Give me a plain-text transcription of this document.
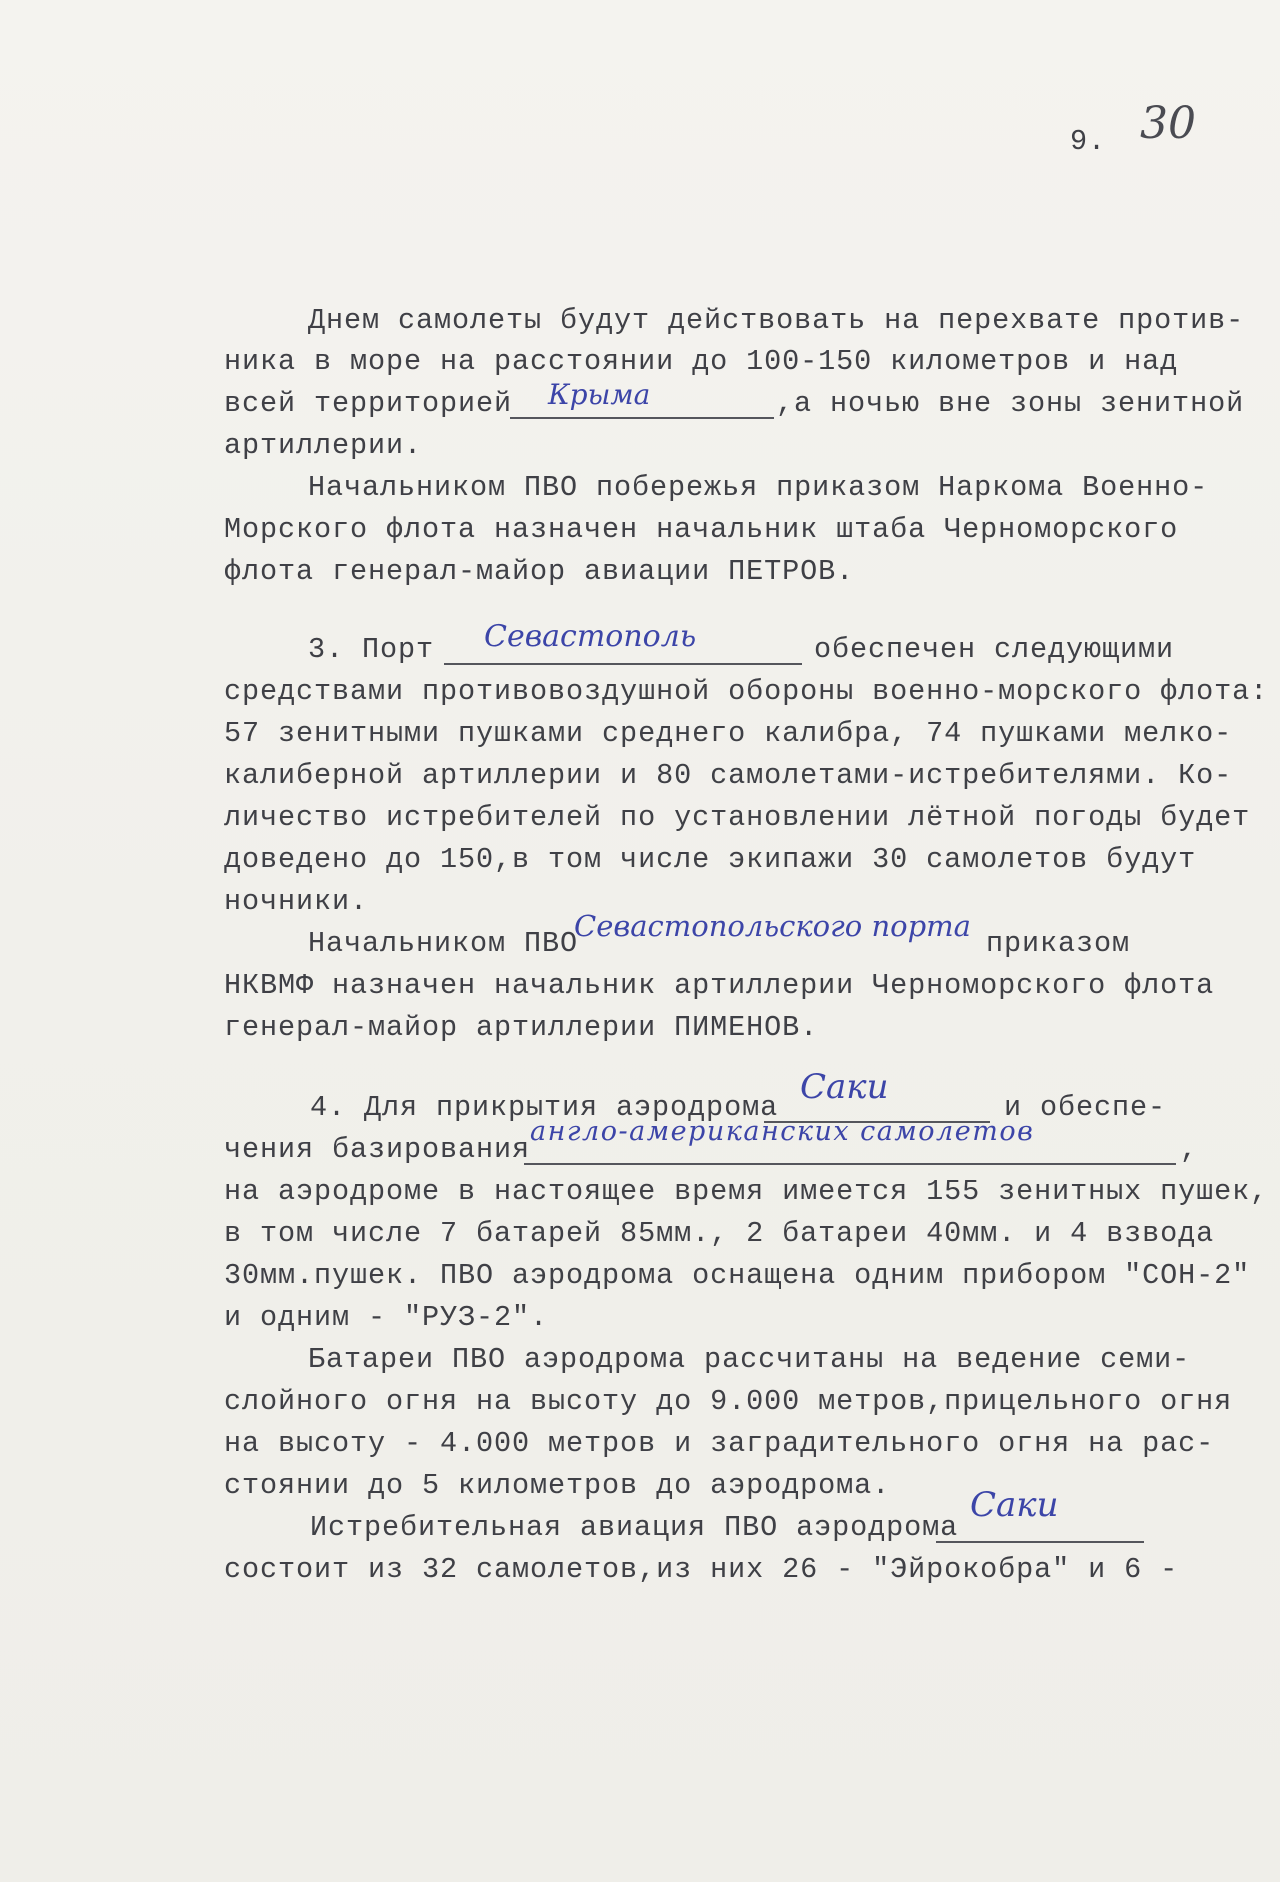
9. 30
Днем самолеты будут действовать на перехвате против-
ника в море на расстоянии до 100-150 километров и над
всей территорией Крыма	,а ночью вне зоны зенитной
артиллерии.
Начальником ПВО побережья приказом Наркома Военно-
Морского флота назначен начальник штаба Черноморского
флота генерал-майор авиации ПЕТРОВ.
3. Порт Севастополь	обеспечен следующими
средствами противовоздушной обороны военно-морского флота:
57 зенитными пушками среднего калибра, 74 пушками мелко-
калиберной артиллерии и 80 самолетами-истребителями. Ко-
личество истребителей по установлении лётной погоды будет
доведено до 150,в том числе экипажи 30 самолетов будут
ночники.
Начальником ПВО
Севастопольского порта
приказом
НКВМФ назначен начальник артиллерии Черноморского флота
генерал-майор артиллерии ПИМЕНОВ.
4. Для прикрытия аэродрома
Саки
и обеспе-
чения базирования
англо-американских самолетов
,
на аэродроме в настоящее время имеется 155 зенитных пушек,
в том числе 7 батарей 85мм., 2 батареи 40мм. и 4 взвода
30мм.пушек. ПВО аэродрома оснащена одним прибором "СОН-2"
и одним - "РУЗ-2".
Батареи ПВО аэродрома рассчитаны на ведение семи-
слойного огня на высоту до 9.000 метров,прицельного огня
на высоту - 4.000 метров и заградительного огня на рас-
стоянии до 5 километров до аэродрома.
Истребительная авиация ПВО аэродрома
Саки
состоит из 32 самолетов,из них 26 - "Эйрокобра" и 6 -
